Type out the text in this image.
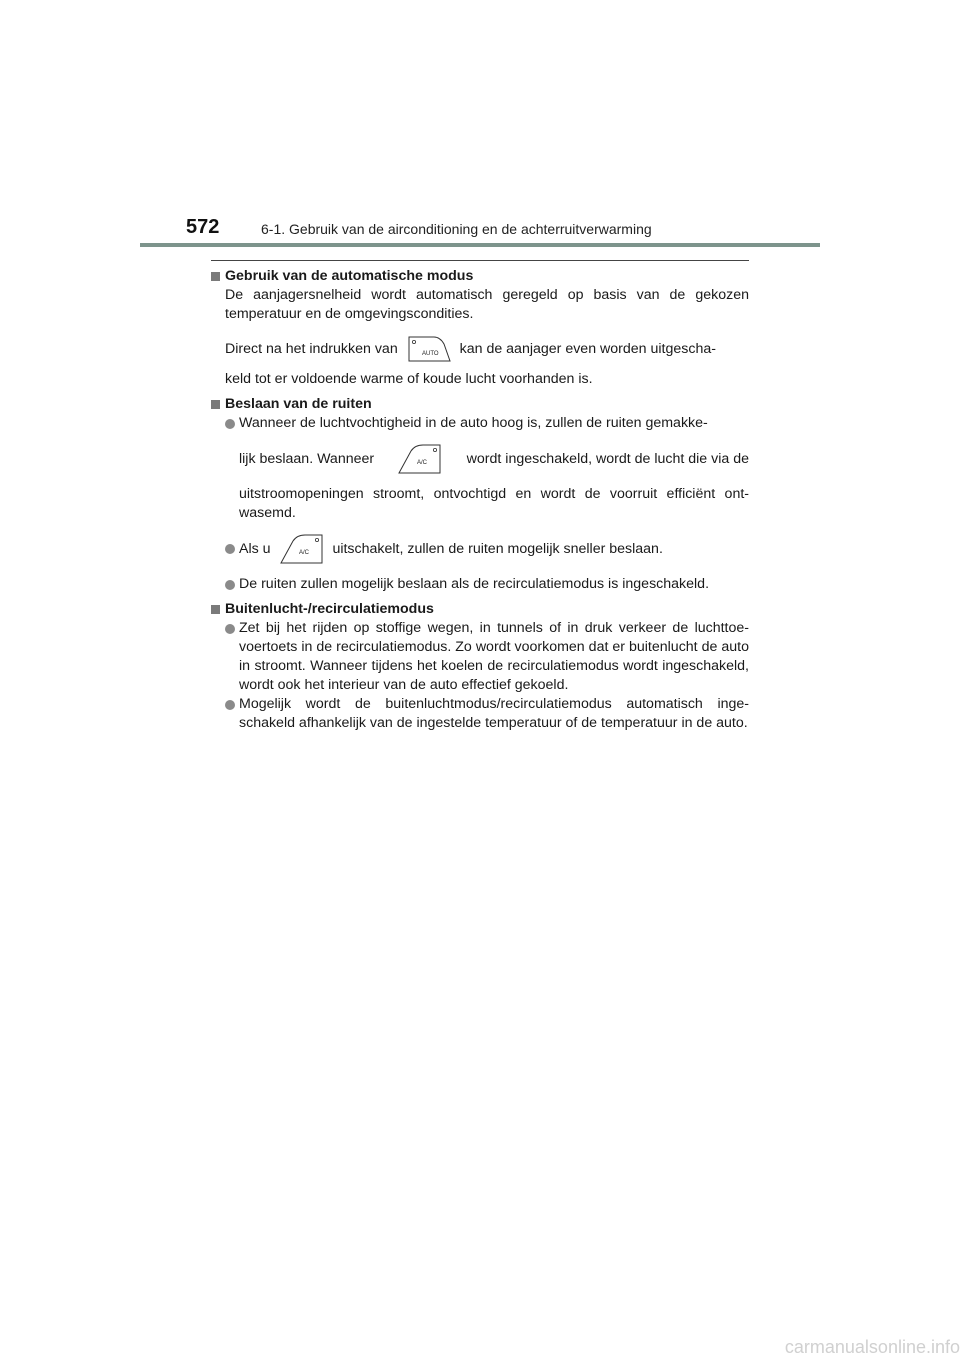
572	6-1. Gebruik van de airconditioning en de achterruitverwarming
Gebruik van de automatische modus
De aanjagersnelheid wordt automatisch geregeld op basis van de gekozen temperatuur en de omgevingscondities.
Direct na het indrukken van	AUTO kan de aanjager even worden uitgescha-
keld tot er voldoende warme of koude lucht voorhanden is.
Beslaan van de ruiten
Wanneer de luchtvochtigheid in de auto hoog is, zullen de ruiten gemakke-
lijk beslaan. Wanneer	A/C	wordt ingeschakeld, wordt de lucht die via de
uitstroomopeningen stroomt, ontvochtigd en wordt de voorruit efficiënt ont-wasemd.
Als u	A/C uitschakelt, zullen de ruiten mogelijk sneller beslaan.
De ruiten zullen mogelijk beslaan als de recirculatiemodus is ingeschakeld.
Buitenlucht-/recirculatiemodus
Zet bij het rijden op stoffige wegen, in tunnels of in druk verkeer de luchttoe-voertoets in de recirculatiemodus. Zo wordt voorkomen dat er buitenlucht de auto in stroomt. Wanneer tijdens het koelen de recirculatiemodus wordt ingeschakeld, wordt ook het interieur van de auto effectief gekoeld.
Mogelijk wordt de buitenluchtmodus/recirculatiemodus automatisch inge-schakeld afhankelijk van de ingestelde temperatuur of de temperatuur in de auto.
carmanualsonline.info
